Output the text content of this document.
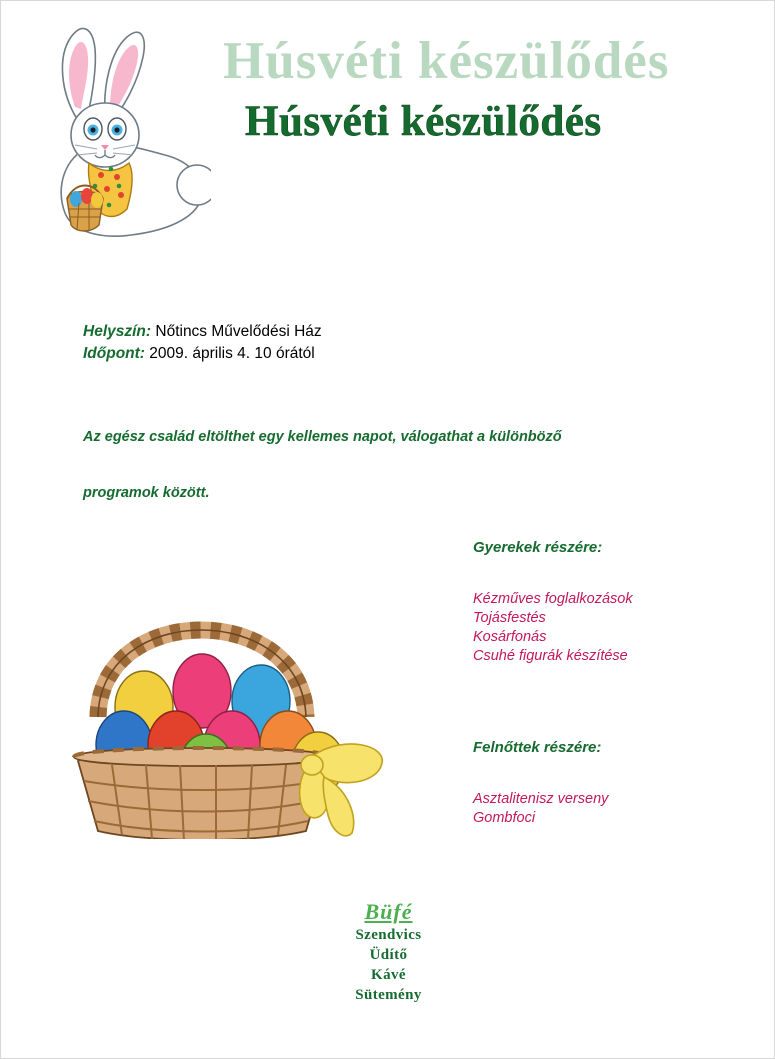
Húsvéti készülődés
Húsvéti készülődés
Helyszín: Nőtincs Művelődési Ház
Időpont: 2009. április 4. 10 órától
Az egész család eltölthet egy kellemes napot, válogathat a különböző
programok között.
Gyerekek részére:
Kézműves foglalkozások
Tojásfestés
Kosárfonás
Csuhé figurák készítése
Felnőttek részére:
Asztalitenisz verseny
Gombfoci
Büfé
Szendvics
Üdítő
Kávé
Sütemény
